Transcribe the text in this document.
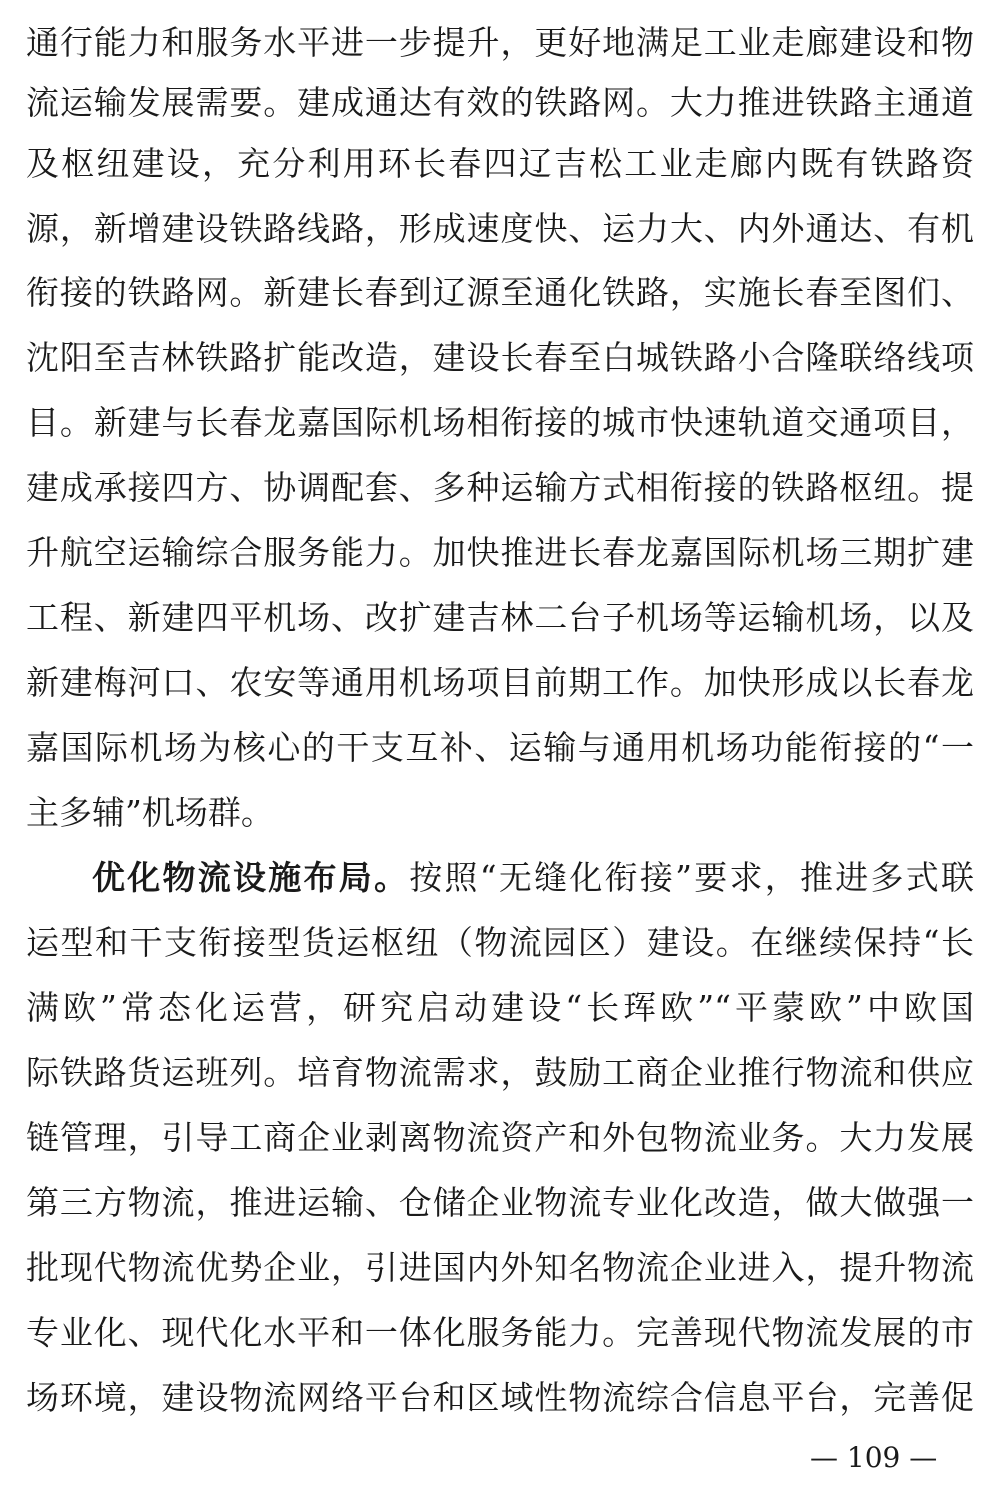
通行能力和服务水平进一步提升，更好地满足工业走廊建设和物
流运输发展需要。建成通达有效的铁路网。大力推进铁路主通道
及枢纽建设，充分利用环长春四辽吉松工业走廊内既有铁路资
源，新增建设铁路线路，形成速度快、运力大、内外通达、有机
衔接的铁路网。新建长春到辽源至通化铁路，实施长春至图们、
沈阳至吉林铁路扩能改造，建设长春至白城铁路小合隆联络线项
目。新建与长春龙嘉国际机场相衔接的城市快速轨道交通项目，
建成承接四方、协调配套、多种运输方式相衔接的铁路枢纽。提
升航空运输综合服务能力。加快推进长春龙嘉国际机场三期扩建
工程、新建四平机场、改扩建吉林二台子机场等运输机场，以及
新建梅河口、农安等通用机场项目前期工作。加快形成以长春龙
嘉国际机场为核心的干支互补、运输与通用机场功能衔接的“一
主多辅”机场群。
优化物流设施布局。按照“无缝化衔接”要求，推进多式联
运型和干支衔接型货运枢纽（物流园区）建设。在继续保持“长
满欧”常态化运营，研究启动建设“长珲欧”“平蒙欧”中欧国
际铁路货运班列。培育物流需求，鼓励工商企业推行物流和供应
链管理，引导工商企业剥离物流资产和外包物流业务。大力发展
第三方物流，推进运输、仓储企业物流专业化改造，做大做强一
批现代物流优势企业，引进国内外知名物流企业进入，提升物流
专业化、现代化水平和一体化服务能力。完善现代物流发展的市
场环境，建设物流网络平台和区域性物流综合信息平台，完善促
— 109 —
